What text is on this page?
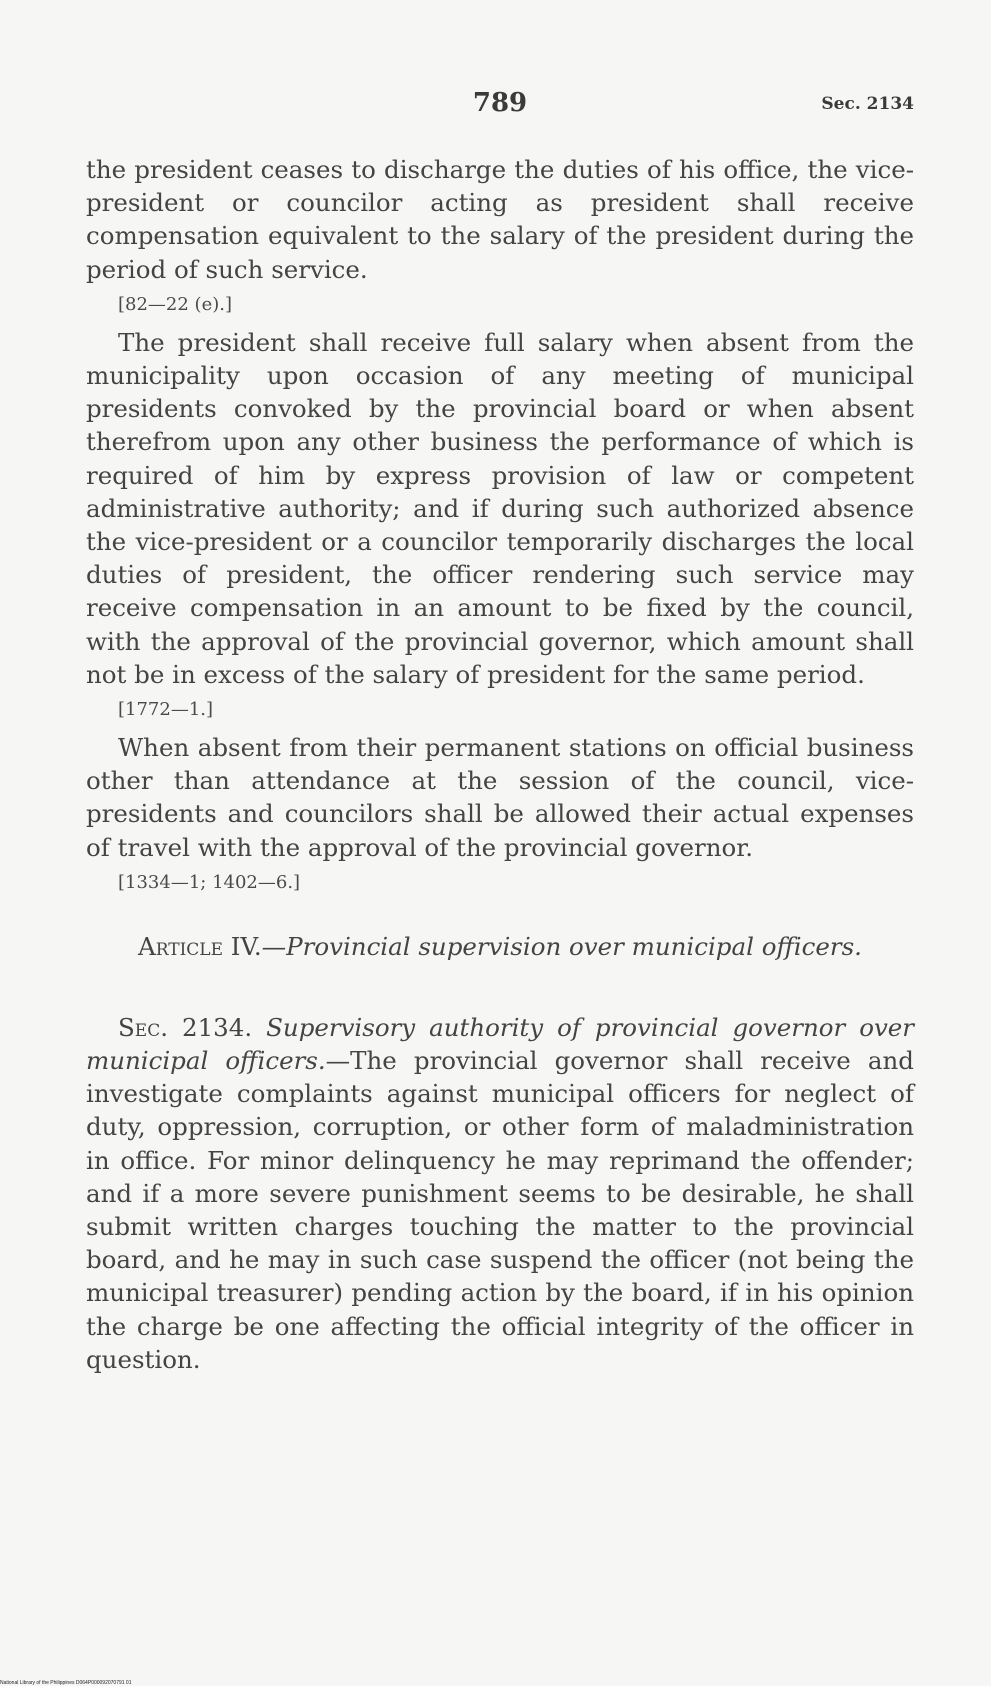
789	Sec. 2134

the president ceases to discharge the duties of his office, the vice-president or councilor acting as president shall receive compensation equivalent to the salary of the president during the period of such service.

[82—22 (e).]

The president shall receive full salary when absent from the municipality upon occasion of any meeting of municipal presidents convoked by the provincial board or when absent therefrom upon any other business the performance of which is required of him by express provision of law or competent administrative authority; and if during such authorized absence the vice-president or a councilor temporarily discharges the local duties of president, the officer rendering such service may receive compensation in an amount to be fixed by the council, with the approval of the provincial governor, which amount shall not be in excess of the salary of president for the same period.

[1772—1.]

When absent from their permanent stations on official business other than attendance at the session of the council, vice-presidents and councilors shall be allowed their actual expenses of travel with the approval of the provincial governor.

[1334—1; 1402—6.]
Article IV.—Provincial supervision over municipal officers.

Sec. 2134. Supervisory authority of provincial governor over municipal officers.—The provincial governor shall receive and investigate complaints against municipal officers for neglect of duty, oppression, corruption, or other form of maladministration in office. For minor delinquency he may reprimand the offender; and if a more severe punishment seems to be desirable, he shall submit written charges touching the matter to the provincial board, and he may in such case suspend the officer (not being the municipal treasurer) pending action by the board, if in his opinion the charge be one affecting the official integrity of the officer in question.

National Library of the Philippines D064P000092070791 01
